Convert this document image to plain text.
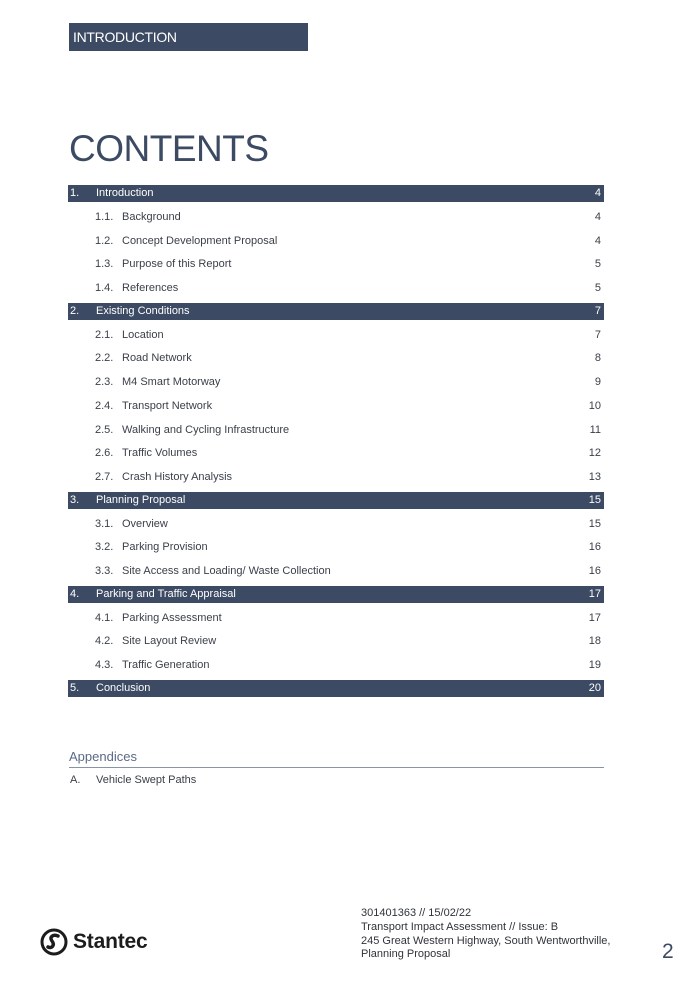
INTRODUCTION
CONTENTS
1. Introduction	4
1.1. Background	4
1.2. Concept Development Proposal	4
1.3. Purpose of this Report	5
1.4. References	5
2. Existing Conditions	7
2.1. Location	7
2.2. Road Network	8
2.3. M4 Smart Motorway	9
2.4. Transport Network	10
2.5. Walking and Cycling Infrastructure	11
2.6. Traffic Volumes	12
2.7. Crash History Analysis	13
3. Planning Proposal	15
3.1. Overview	15
3.2. Parking Provision	16
3.3. Site Access and Loading/ Waste Collection	16
4. Parking and Traffic Appraisal	17
4.1. Parking Assessment	17
4.2. Site Layout Review	18
4.3. Traffic Generation	19
5. Conclusion	20
Appendices
A. Vehicle Swept Paths
Stantec
301401363 // 15/02/22
Transport Impact Assessment // Issue: B
245 Great Western Highway, South Wentworthville,
Planning Proposal	2
